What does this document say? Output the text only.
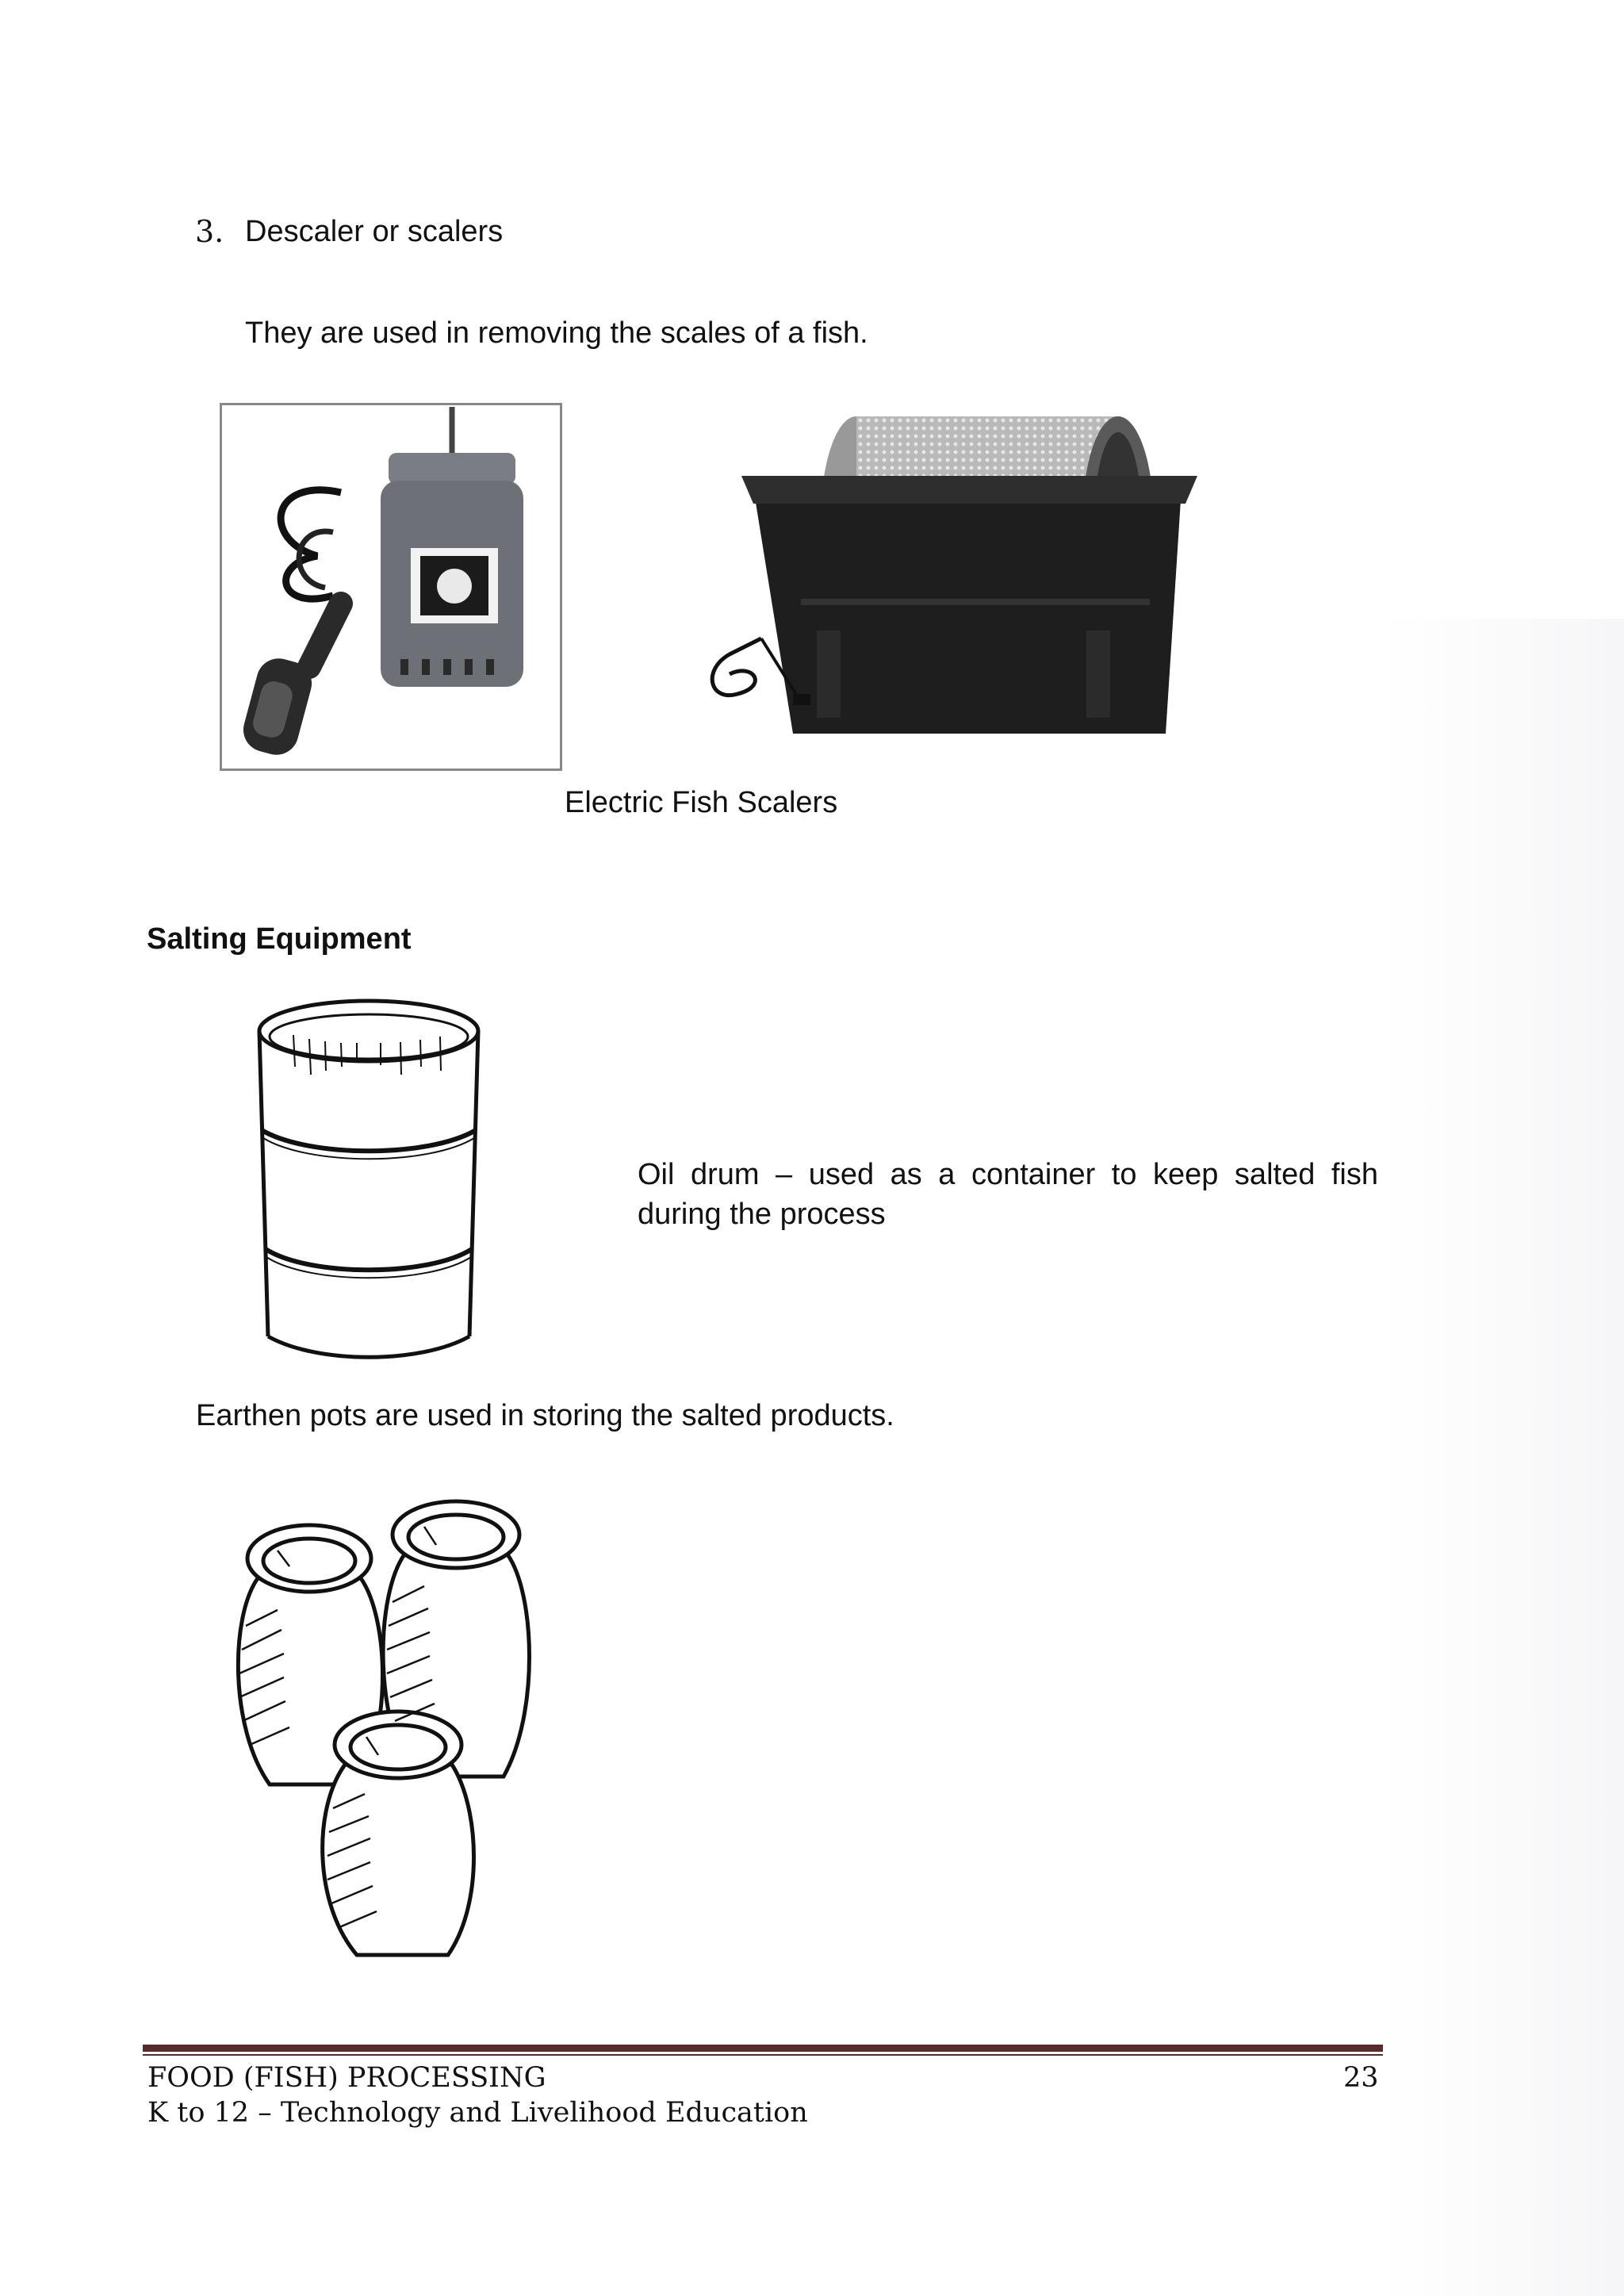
3. Descaler or scalers
They are used in removing the scales of a fish.
Electric Fish Scalers
Salting Equipment
Oil drum – used as a container to keep salted fish during the process
Earthen pots are used in storing the salted products.
FOOD (FISH) PROCESSING
K to 12 – Technology and Livelihood Education
23
